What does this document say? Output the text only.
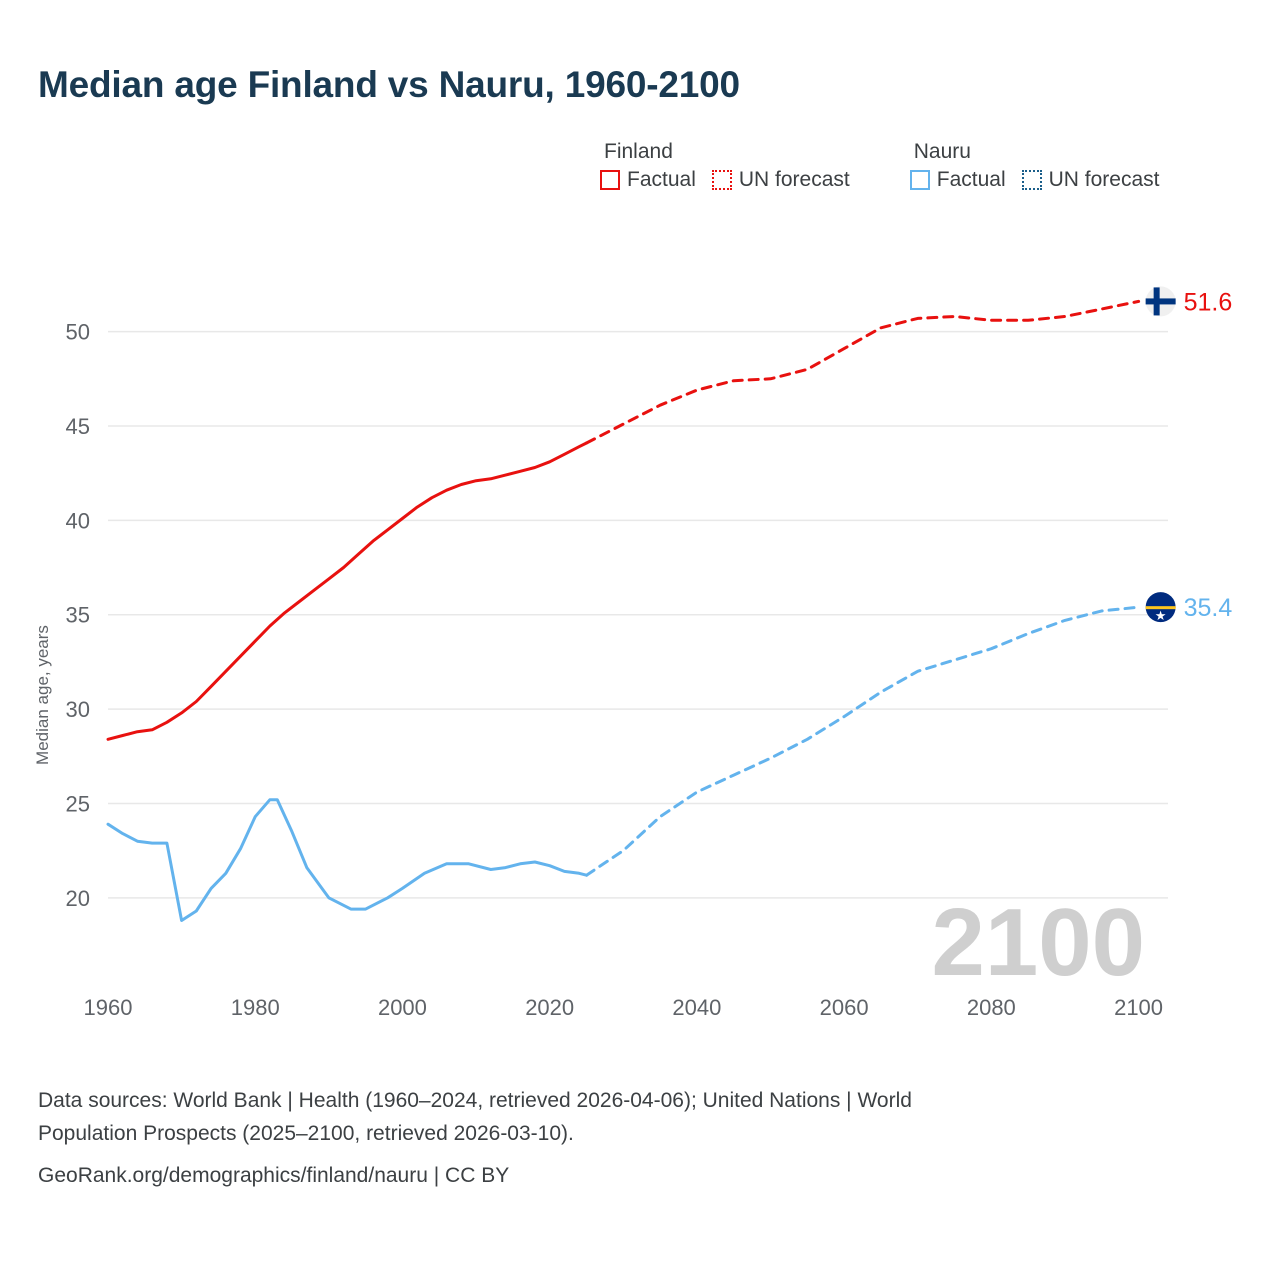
Median age Finland vs Nauru, 1960-2100
Finland
Factual UN forecast
Nauru
Factual UN forecast
20
25
30
35
40
45
50
1960	1980	2000	2020	2040	2060	2080	2100
Median age, years
2100
51.6
★ 35.4
Data sources: World Bank | Health (1960–2024, retrieved 2026-04-06); United Nations | World
Population Prospects (2025–2100, retrieved 2026-03-10).
GeoRank.org/demographics/finland/nauru | CC BY
